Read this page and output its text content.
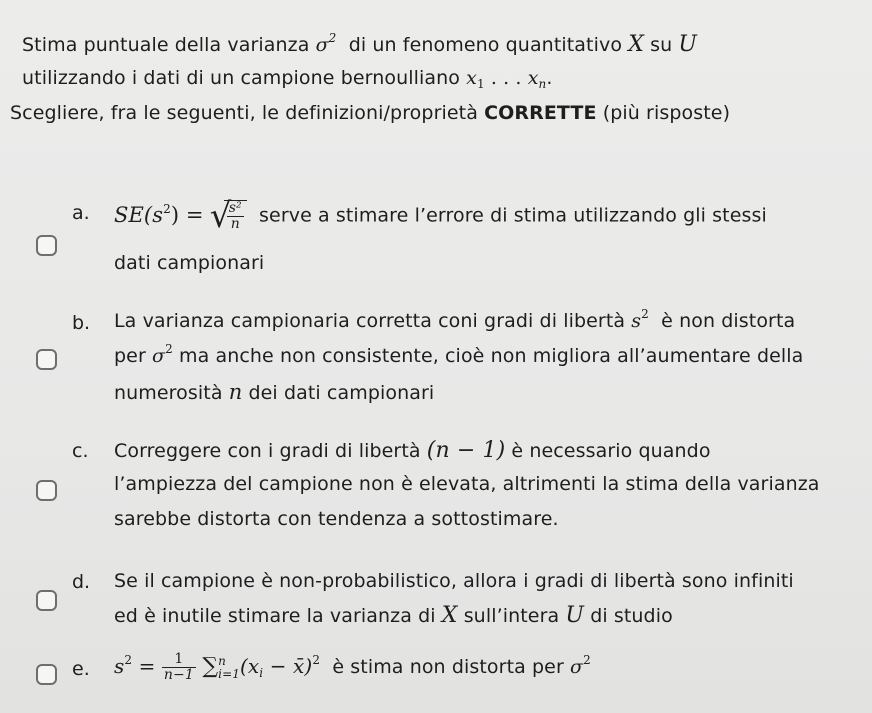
Stima puntuale della varianza $\sigma^2$ di un fenomeno quantitativo X su U
utilizzando i dati di un campione bernoulliano $x_1$ . . . $x_n$.
Scegliere, fra le seguenti, le definizioni/proprietà CORRETTE (più risposte)
a. $SE(s^2)$ = √
$\frac{\text{s²}}{n}$ serve a stimare l’errore di stima utilizzando gli stessi
dati campionari
b. La varianza campionaria corretta coni gradi di libertà $s^2$ è non distorta
per $\sigma^2$ ma anche non consistente, cioè non migliora all’aumentare della
numerosità n dei dati campionari
c. Correggere con i gradi di libertà (n − 1) è necessario quando
l’ampiezza del campione non è elevata, altrimenti la stima della varianza
sarebbe distorta con tendenza a sottostimare.
d. Se il campione è non-probabilistico, allora i gradi di libertà sono infiniti
ed è inutile stimare la varianza di X sull’intera U di studio
e. $s^2 = \frac{1}{n-1}$ ∑ n
i=1 ($x_i$ − x̄)$^2$ è stima non distorta per $\sigma^2$
